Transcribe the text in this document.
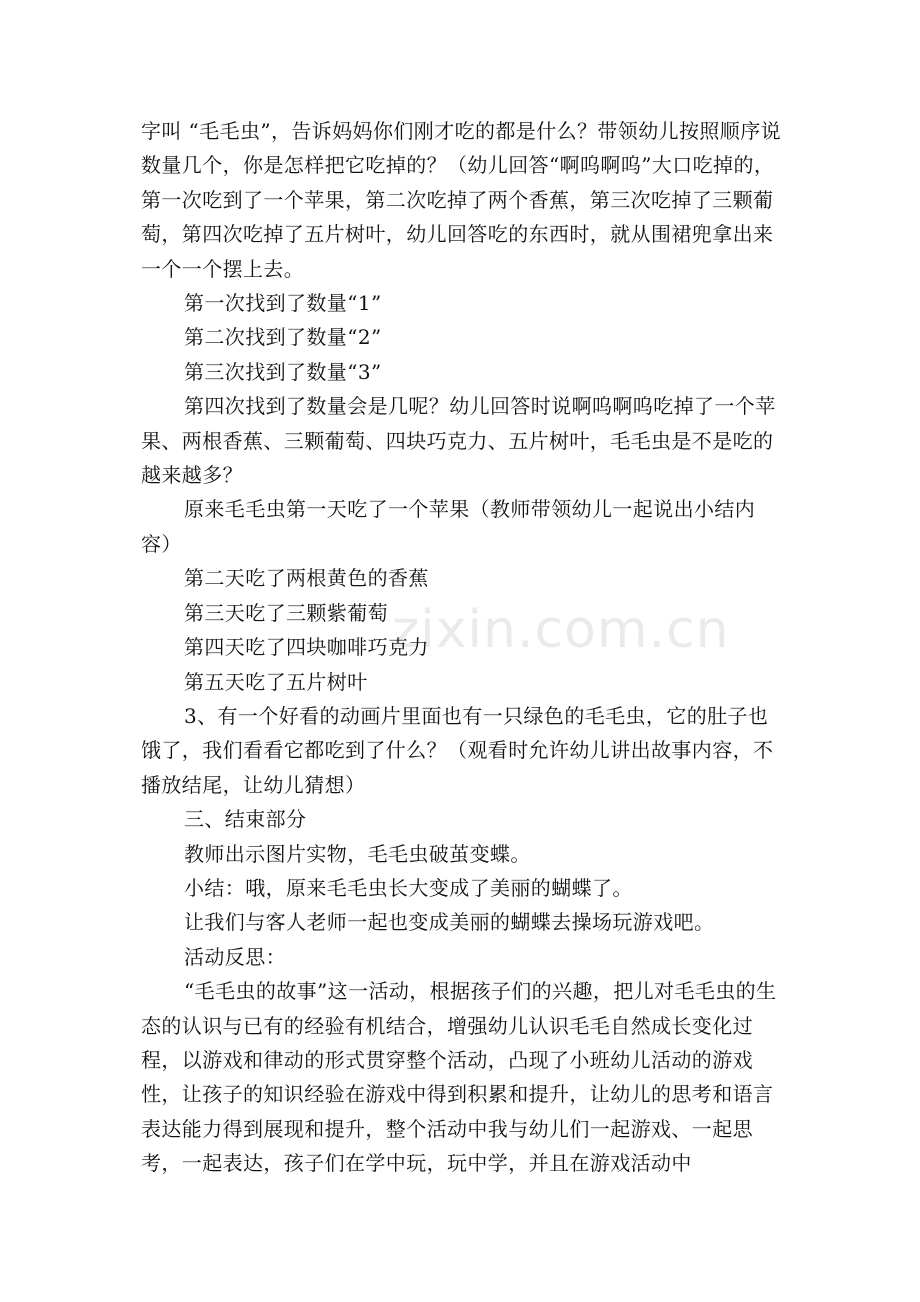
字叫 “毛毛虫”，告诉妈妈你们刚才吃的都是什么？带领幼儿按照顺序说数量几个，你是怎样把它吃掉的？（幼儿回答“啊呜啊呜”大口吃掉的，第一次吃到了一个苹果，第二次吃掉了两个香蕉，第三次吃掉了三颗葡萄，第四次吃掉了五片树叶，幼儿回答吃的东西时，就从围裙兜拿出来一个一个摆上去。

第一次找到了数量“1”

第二次找到了数量“2”

第三次找到了数量“3”

第四次找到了数量会是几呢？幼儿回答时说啊呜啊呜吃掉了一个苹果、两根香蕉、三颗葡萄、四块巧克力、五片树叶，毛毛虫是不是吃的越来越多？

原来毛毛虫第一天吃了一个苹果（教师带领幼儿一起说出小结内容）

第二天吃了两根黄色的香蕉

第三天吃了三颗紫葡萄

第四天吃了四块咖啡巧克力

第五天吃了五片树叶

3、有一个好看的动画片里面也有一只绿色的毛毛虫，它的肚子也饿了，我们看看它都吃到了什么？（观看时允许幼儿讲出故事内容，不播放结尾，让幼儿猜想）

三、结束部分

教师出示图片实物，毛毛虫破茧变蝶。

小结：哦，原来毛毛虫长大变成了美丽的蝴蝶了。

让我们与客人老师一起也变成美丽的蝴蝶去操场玩游戏吧。

活动反思：

“毛毛虫的故事”这一活动，根据孩子们的兴趣，把儿对毛毛虫的生态的认识与已有的经验有机结合，增强幼儿认识毛毛自然成长变化过程，以游戏和律动的形式贯穿整个活动，凸现了小班幼儿活动的游戏性，让孩子的知识经验在游戏中得到积累和提升，让幼儿的思考和语言表达能力得到展现和提升，整个活动中我与幼儿们一起游戏、一起思考，一起表达，孩子们在学中玩，玩中学，并且在游戏活动中

zixin.com.cn
